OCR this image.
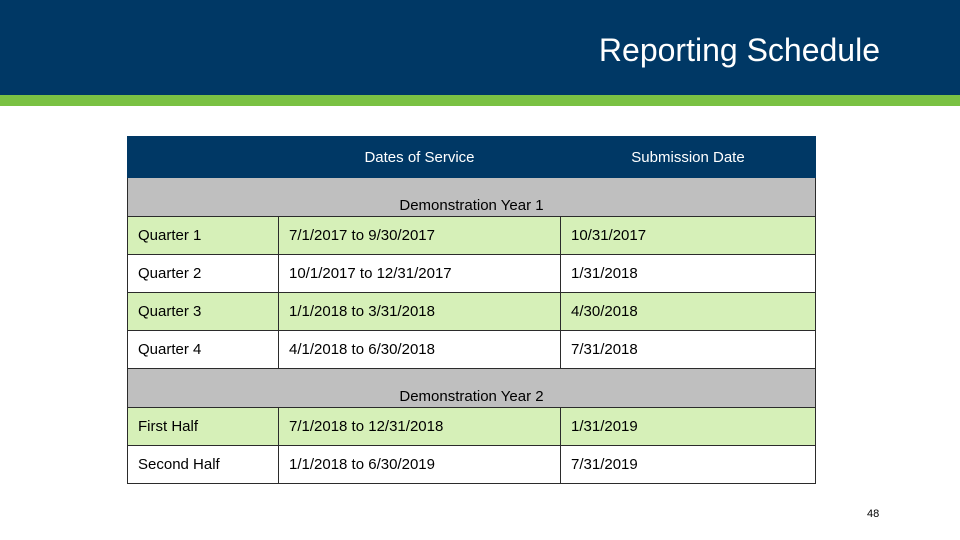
Reporting Schedule
	Dates of Service	Submission Date
Demonstration Year 1		
Quarter 1	7/1/2017 to 9/30/2017	10/31/2017
Quarter 2	10/1/2017 to 12/31/2017	1/31/2018
Quarter 3	1/1/2018 to 3/31/2018	4/30/2018
Quarter 4	4/1/2018 to 6/30/2018	7/31/2018
Demonstration Year 2		
First Half	7/1/2018 to 12/31/2018	1/31/2019
Second Half	1/1/2018 to 6/30/2019	7/31/2019
48
